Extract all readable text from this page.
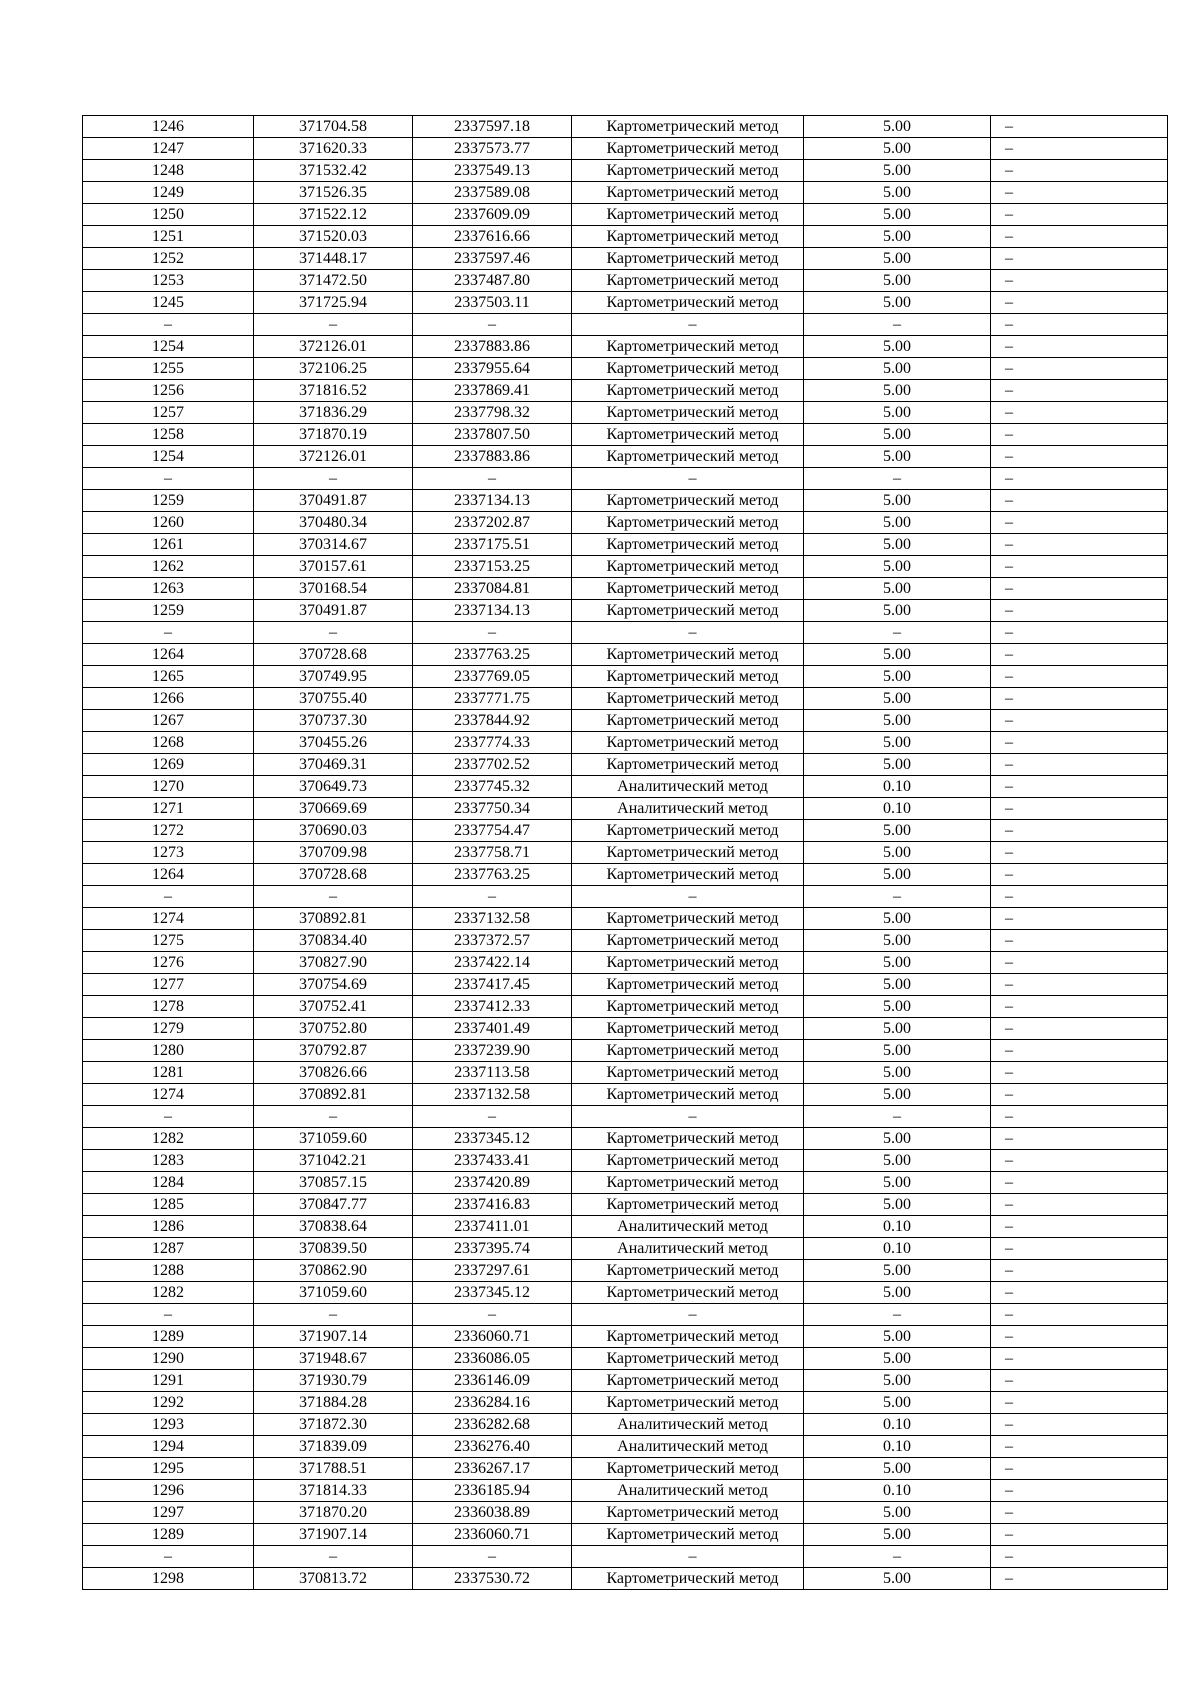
1246	371704.58	2337597.18	Картометрический метод	5.00	–
1247	371620.33	2337573.77	Картометрический метод	5.00	–
1248	371532.42	2337549.13	Картометрический метод	5.00	–
1249	371526.35	2337589.08	Картометрический метод	5.00	–
1250	371522.12	2337609.09	Картометрический метод	5.00	–
1251	371520.03	2337616.66	Картометрический метод	5.00	–
1252	371448.17	2337597.46	Картометрический метод	5.00	–
1253	371472.50	2337487.80	Картометрический метод	5.00	–
1245	371725.94	2337503.11	Картометрический метод	5.00	–
–	–	–	–	–	–
1254	372126.01	2337883.86	Картометрический метод	5.00	–
1255	372106.25	2337955.64	Картометрический метод	5.00	–
1256	371816.52	2337869.41	Картометрический метод	5.00	–
1257	371836.29	2337798.32	Картометрический метод	5.00	–
1258	371870.19	2337807.50	Картометрический метод	5.00	–
1254	372126.01	2337883.86	Картометрический метод	5.00	–
–	–	–	–	–	–
1259	370491.87	2337134.13	Картометрический метод	5.00	–
1260	370480.34	2337202.87	Картометрический метод	5.00	–
1261	370314.67	2337175.51	Картометрический метод	5.00	–
1262	370157.61	2337153.25	Картометрический метод	5.00	–
1263	370168.54	2337084.81	Картометрический метод	5.00	–
1259	370491.87	2337134.13	Картометрический метод	5.00	–
–	–	–	–	–	–
1264	370728.68	2337763.25	Картометрический метод	5.00	–
1265	370749.95	2337769.05	Картометрический метод	5.00	–
1266	370755.40	2337771.75	Картометрический метод	5.00	–
1267	370737.30	2337844.92	Картометрический метод	5.00	–
1268	370455.26	2337774.33	Картометрический метод	5.00	–
1269	370469.31	2337702.52	Картометрический метод	5.00	–
1270	370649.73	2337745.32	Аналитический метод	0.10	–
1271	370669.69	2337750.34	Аналитический метод	0.10	–
1272	370690.03	2337754.47	Картометрический метод	5.00	–
1273	370709.98	2337758.71	Картометрический метод	5.00	–
1264	370728.68	2337763.25	Картометрический метод	5.00	–
–	–	–	–	–	–
1274	370892.81	2337132.58	Картометрический метод	5.00	–
1275	370834.40	2337372.57	Картометрический метод	5.00	–
1276	370827.90	2337422.14	Картометрический метод	5.00	–
1277	370754.69	2337417.45	Картометрический метод	5.00	–
1278	370752.41	2337412.33	Картометрический метод	5.00	–
1279	370752.80	2337401.49	Картометрический метод	5.00	–
1280	370792.87	2337239.90	Картометрический метод	5.00	–
1281	370826.66	2337113.58	Картометрический метод	5.00	–
1274	370892.81	2337132.58	Картометрический метод	5.00	–
–	–	–	–	–	–
1282	371059.60	2337345.12	Картометрический метод	5.00	–
1283	371042.21	2337433.41	Картометрический метод	5.00	–
1284	370857.15	2337420.89	Картометрический метод	5.00	–
1285	370847.77	2337416.83	Картометрический метод	5.00	–
1286	370838.64	2337411.01	Аналитический метод	0.10	–
1287	370839.50	2337395.74	Аналитический метод	0.10	–
1288	370862.90	2337297.61	Картометрический метод	5.00	–
1282	371059.60	2337345.12	Картометрический метод	5.00	–
–	–	–	–	–	–
1289	371907.14	2336060.71	Картометрический метод	5.00	–
1290	371948.67	2336086.05	Картометрический метод	5.00	–
1291	371930.79	2336146.09	Картометрический метод	5.00	–
1292	371884.28	2336284.16	Картометрический метод	5.00	–
1293	371872.30	2336282.68	Аналитический метод	0.10	–
1294	371839.09	2336276.40	Аналитический метод	0.10	–
1295	371788.51	2336267.17	Картометрический метод	5.00	–
1296	371814.33	2336185.94	Аналитический метод	0.10	–
1297	371870.20	2336038.89	Картометрический метод	5.00	–
1289	371907.14	2336060.71	Картометрический метод	5.00	–
–	–	–	–	–	–
1298	370813.72	2337530.72	Картометрический метод	5.00	–
